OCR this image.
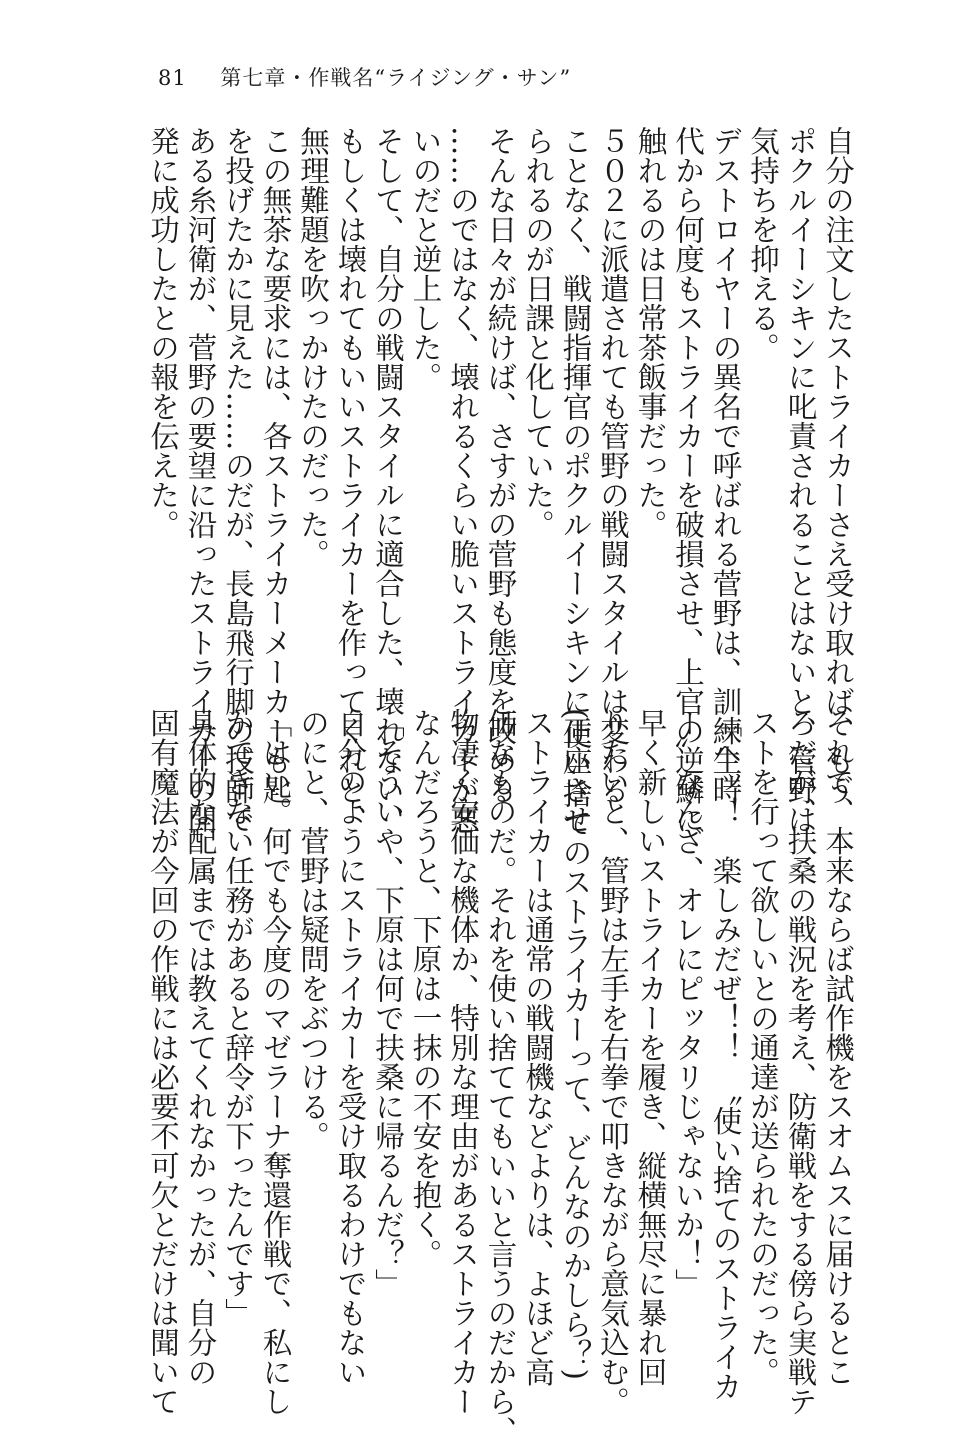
81 第七章・作戦名“ライジング・サン”
自分の注文したストライカーさえ受け取れば、もう
ポクルイーシキンに叱責されることはないと、管野は
気持ちを抑える。
デストロイヤーの異名で呼ばれる菅野は、訓練生時
代から何度もストライカーを破損させ、上官の逆鱗に
触れるのは日常茶飯事だった。
５０２に派遣されても管野の戦闘スタイルは変わる
ことなく、戦闘指揮官のポクルイーシキンに正座させ
られるのが日課と化していた。
そんな日々が続けば、さすがの菅野も態度を改める
……のではなく、壊れるくらい脆いストライカーが悪
いのだと逆上した。
そして、自分の戦闘スタイルに適合した、壊れない、
もしくは壊れてもいいストライカーを作ってくれと、
無理難題を吹っかけたのだった。
この無茶な要求には、各ストライカーメーカーも匙
を投げたかに見えた……のだが、長島飛行脚の技師で
ある糸河衛が、菅野の要望に沿ったストライカーの開
発に成功したとの報を伝えた。
それで、本来ならば試作機をスオムスに届けるとこ
ろだが、扶桑の戦況を考え、防衛戦をする傍ら実戦テ
ストを行って欲しいとの通達が送られたのだった。
「ヘッ！　楽しみだぜ！！　〝使い捨てのストライカ
ー〟なんざ、オレにピッタリじゃないか！」
早く新しいストライカーを履き、縦横無尽に暴れ回
りたいと、管野は左手を右拳で叩きながら意気込む。
(使い捨てのストライカーって、どんなのかしら？)
ストライカーは通常の戦闘機などよりは、よほど高
価なものだ。それを使い捨ててもいいと言うのだから、
物凄く安価な機体か、特別な理由があるストライカー
なんだろうと、下原は一抹の不安を抱く。
「そういや、下原は何で扶桑に帰るんだ？」
自分のようにストライカーを受け取るわけでもない
のにと、菅野は疑問をぶつける。
「はい。何でも今度のマゼラーナ奪還作戦で、私にし
かできない任務があると辞令が下ったんです」
具体的な配属までは教えてくれなかったが、自分の
固有魔法が今回の作戦には必要不可欠とだけは聞いて
